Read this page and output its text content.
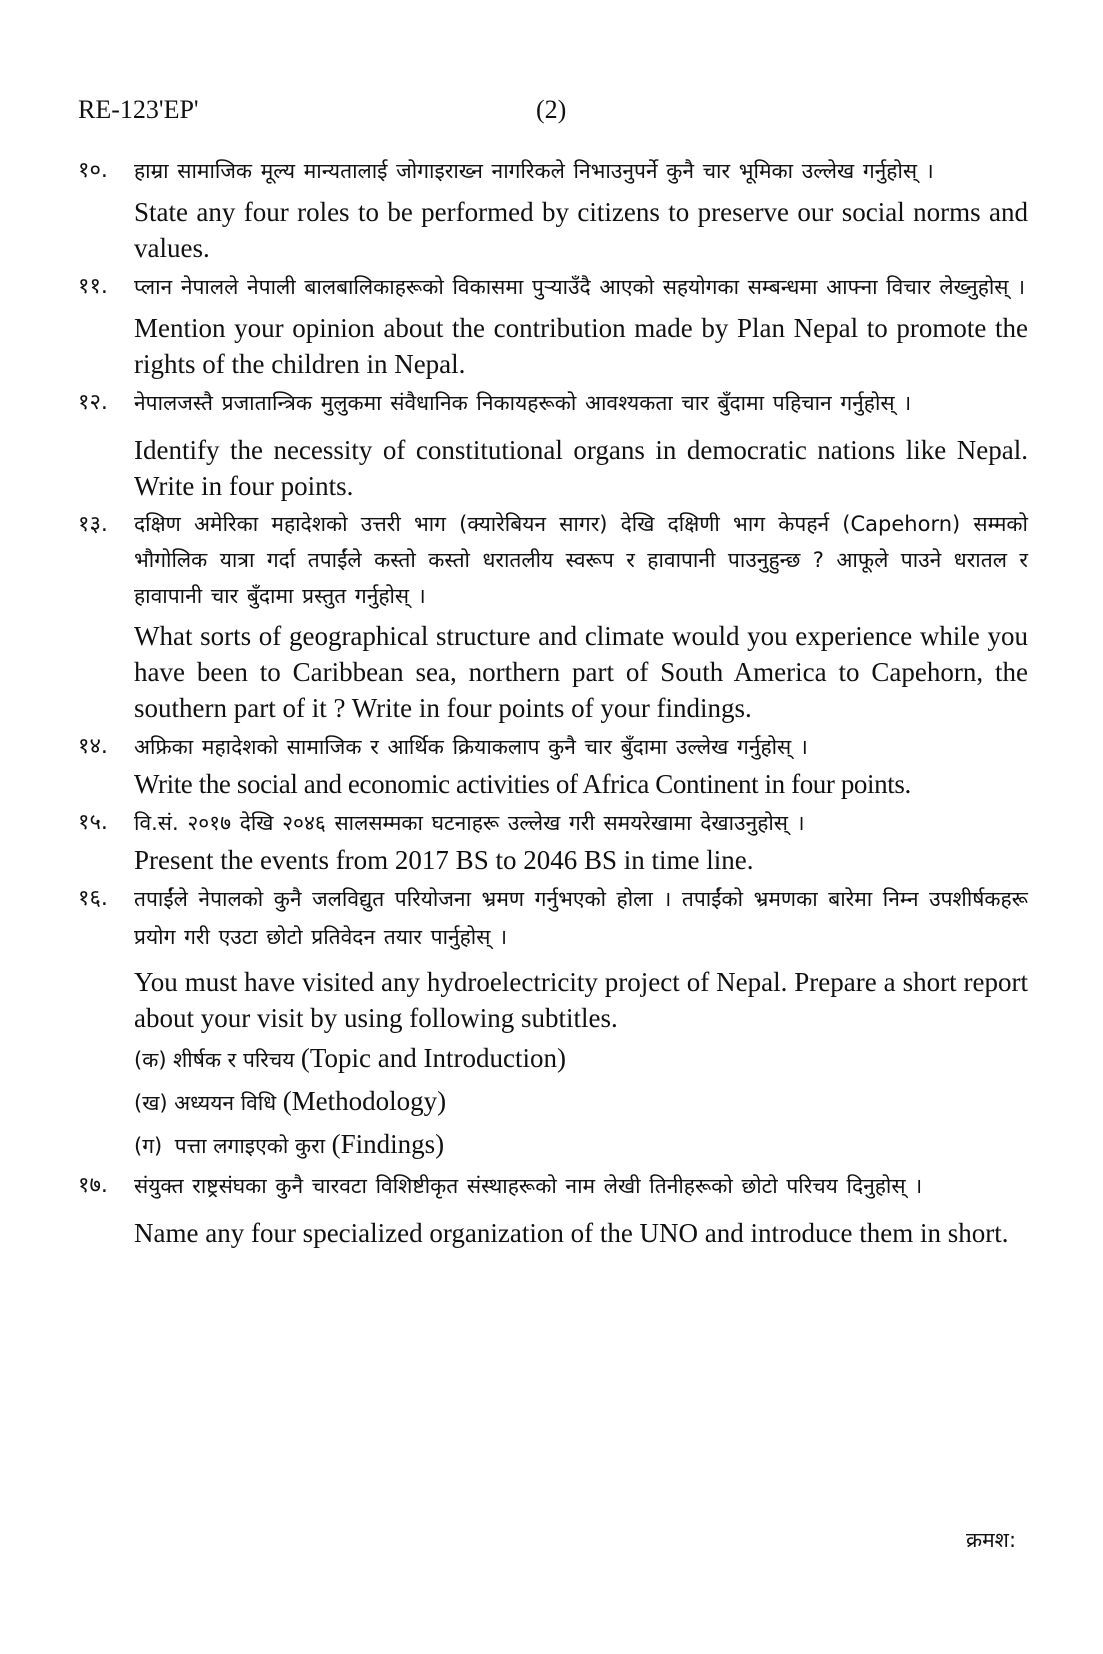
RE-123'EP'	(2)
१०. हाम्रा सामाजिक मूल्य मान्यतालाई जोगाइराख्न नागरिकले निभाउनुपर्ने कुनै चार भूमिका उल्लेख गर्नुहोस् ।
State any four roles to be performed by citizens to preserve our social norms and values.
११. प्लान नेपालले नेपाली बालबालिकाहरूको विकासमा पुऱ्याउँदै आएको सहयोगका सम्बन्धमा आफ्ना विचार लेख्नुहोस् ।
Mention your opinion about the contribution made by Plan Nepal to promote the rights of the children in Nepal.
१२. नेपालजस्तै प्रजातान्त्रिक मुलुकमा संवैधानिक निकायहरूको आवश्यकता चार बुँदामा पहिचान गर्नुहोस् ।
Identify the necessity of constitutional organs in democratic nations like Nepal. Write in four points.
१३. दक्षिण अमेरिका महादेशको उत्तरी भाग (क्यारेबियन सागर) देखि दक्षिणी भाग केपहर्न (Capehorn) सम्मको भौगोलिक यात्रा गर्दा तपाईंले कस्तो कस्तो धरातलीय स्वरूप र हावापानी पाउनुहुन्छ ? आफूले पाउने धरातल र हावापानी चार बुँदामा प्रस्तुत गर्नुहोस् ।
What sorts of geographical structure and climate would you experience while you have been to Caribbean sea, northern part of South America to Capehorn, the southern part of it ? Write in four points of your findings.
१४. अफ्रिका महादेशको सामाजिक र आर्थिक क्रियाकलाप कुनै चार बुँदामा उल्लेख गर्नुहोस् ।
Write the social and economic activities of Africa Continent in four points.
१५. वि.सं. २०१७ देखि २०४६ सालसम्मका घटनाहरू उल्लेख गरी समयरेखामा देखाउनुहोस् ।
Present the events from 2017 BS to 2046 BS in time line.
१६. तपाईंले नेपालको कुनै जलविद्युत परियोजना भ्रमण गर्नुभएको होला । तपाईंको भ्रमणका बारेमा निम्न उपशीर्षकहरू प्रयोग गरी एउटा छोटो प्रतिवेदन तयार पार्नुहोस् ।
You must have visited any hydroelectricity project of Nepal. Prepare a short report about your visit by using following subtitles.
(क) शीर्षक र परिचय (Topic and Introduction)
(ख) अध्ययन विधि (Methodology)
(ग) पत्ता लगाइएको कुरा (Findings)
१७. संयुक्त राष्ट्रसंघका कुनै चारवटा विशिष्टीकृत संस्थाहरूको नाम लेखी तिनीहरूको छोटो परिचय दिनुहोस् ।
Name any four specialized organization of the UNO and introduce them in short.
क्रमश:
